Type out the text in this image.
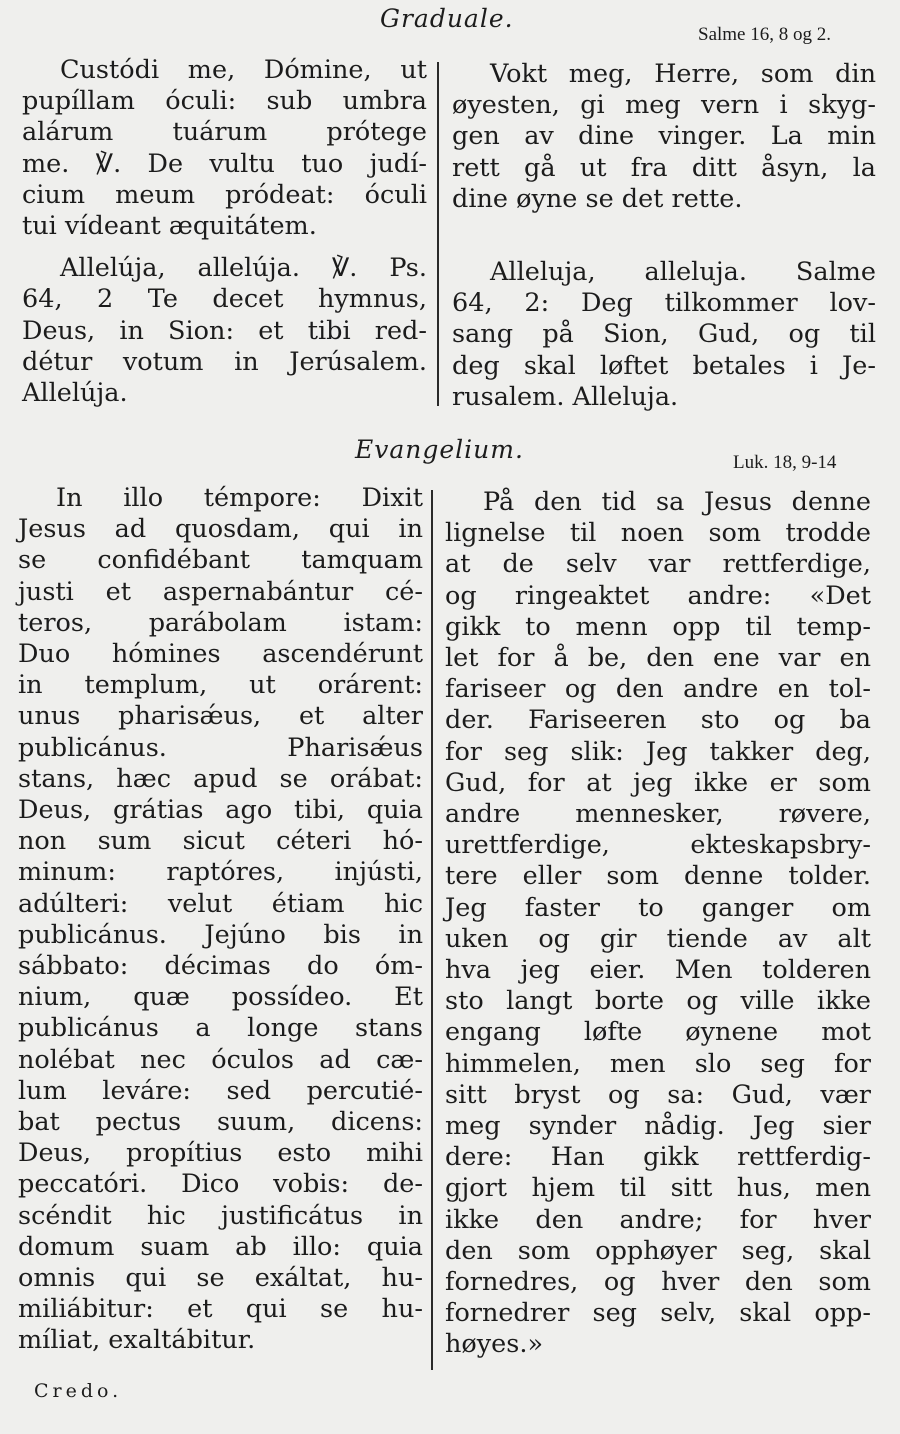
Graduale.
Salme 16, 8 og 2.
Custódi me, Dómine, ut
pupíllam óculi: sub umbra
alárum tuárum prótege
me. ℣. De vultu tuo judí-
cium meum pródeat: óculi
tui vídeant æquitátem.
Allelúja, allelúja. ℣. Ps.
64, 2 Te decet hymnus,
Deus, in Sion: et tibi red-
détur votum in Jerúsalem.
Allelúja.
Vokt meg, Herre, som din
øyesten, gi meg vern i skyg-
gen av dine vinger. La min
rett gå ut fra ditt åsyn, la
dine øyne se det rette.
Alleluja, alleluja. Salme
64, 2: Deg tilkommer lov-
sang på Sion, Gud, og til
deg skal løftet betales i Je-
rusalem. Alleluja.
Evangelium.	Luk. 18, 9-14
In illo témpore: Dixit
Jesus ad quosdam, qui in
se confidébant tamquam
justi et aspernabántur cé-
teros, parábolam istam:
Duo hómines ascendérunt
in templum, ut orárent:
unus pharisǽus, et alter
publicánus. Pharisǽus
stans, hæc apud se orábat:
Deus, grátias ago tibi, quia
non sum sicut céteri hó-
minum: raptóres, injústi,
adúlteri: velut étiam hic
publicánus. Jejúno bis in
sábbato: décimas do óm-
nium, quæ possídeo. Et
publicánus a longe stans
nolébat nec óculos ad cæ-
lum leváre: sed percutié-
bat pectus suum, dicens:
Deus, propítius esto mihi
peccatóri. Dico vobis: de-
scéndit hic justificátus in
domum suam ab illo: quia
omnis qui se exáltat, hu-
miliábitur: et qui se hu-
míliat, exaltábitur.
På den tid sa Jesus denne
lignelse til noen som trodde
at de selv var rettferdige,
og ringeaktet andre: «Det
gikk to menn opp til temp-
let for å be, den ene var en
fariseer og den andre en tol-
der. Fariseeren sto og ba
for seg slik: Jeg takker deg,
Gud, for at jeg ikke er som
andre mennesker, røvere,
urettferdige, ekteskapsbry-
tere eller som denne tolder.
Jeg faster to ganger om
uken og gir tiende av alt
hva jeg eier. Men tolderen
sto langt borte og ville ikke
engang løfte øynene mot
himmelen, men slo seg for
sitt bryst og sa: Gud, vær
meg synder nådig. Jeg sier
dere: Han gikk rettferdig-
gjort hjem til sitt hus, men
ikke den andre; for hver
den som opphøyer seg, skal
fornedres, og hver den som
fornedrer seg selv, skal opp-
høyes.»
Credo.
